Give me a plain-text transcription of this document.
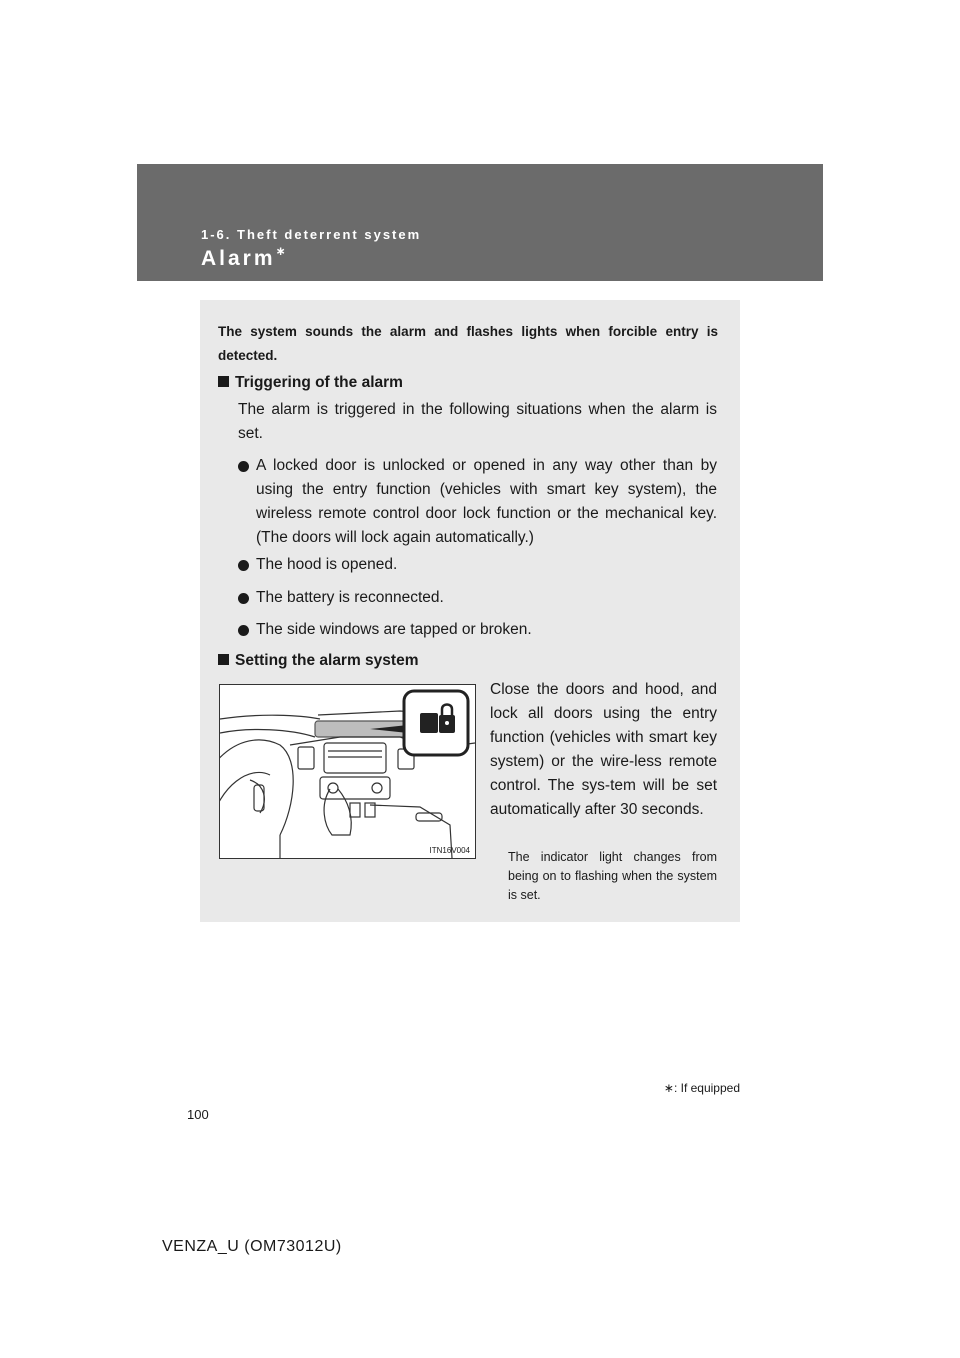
1-6. Theft deterrent system
Alarm∗
The system sounds the alarm and flashes lights when forcible entry is detected.
Triggering of the alarm
The alarm is triggered in the following situations when the alarm is set.
A locked door is unlocked or opened in any way other than by using the entry function (vehicles with smart key system), the wireless remote control door lock function or the mechanical key. (The doors will lock again automatically.)
The hood is opened.
The battery is reconnected.
The side windows are tapped or broken.
Setting the alarm system
ITN16V004
Close the doors and hood, and lock all doors using the entry function (vehicles with smart key system) or the wire-less remote control. The sys-tem will be set automatically after 30 seconds.
The indicator light changes from being on to flashing when the system is set.
∗: If equipped
100
VENZA_U (OM73012U)
